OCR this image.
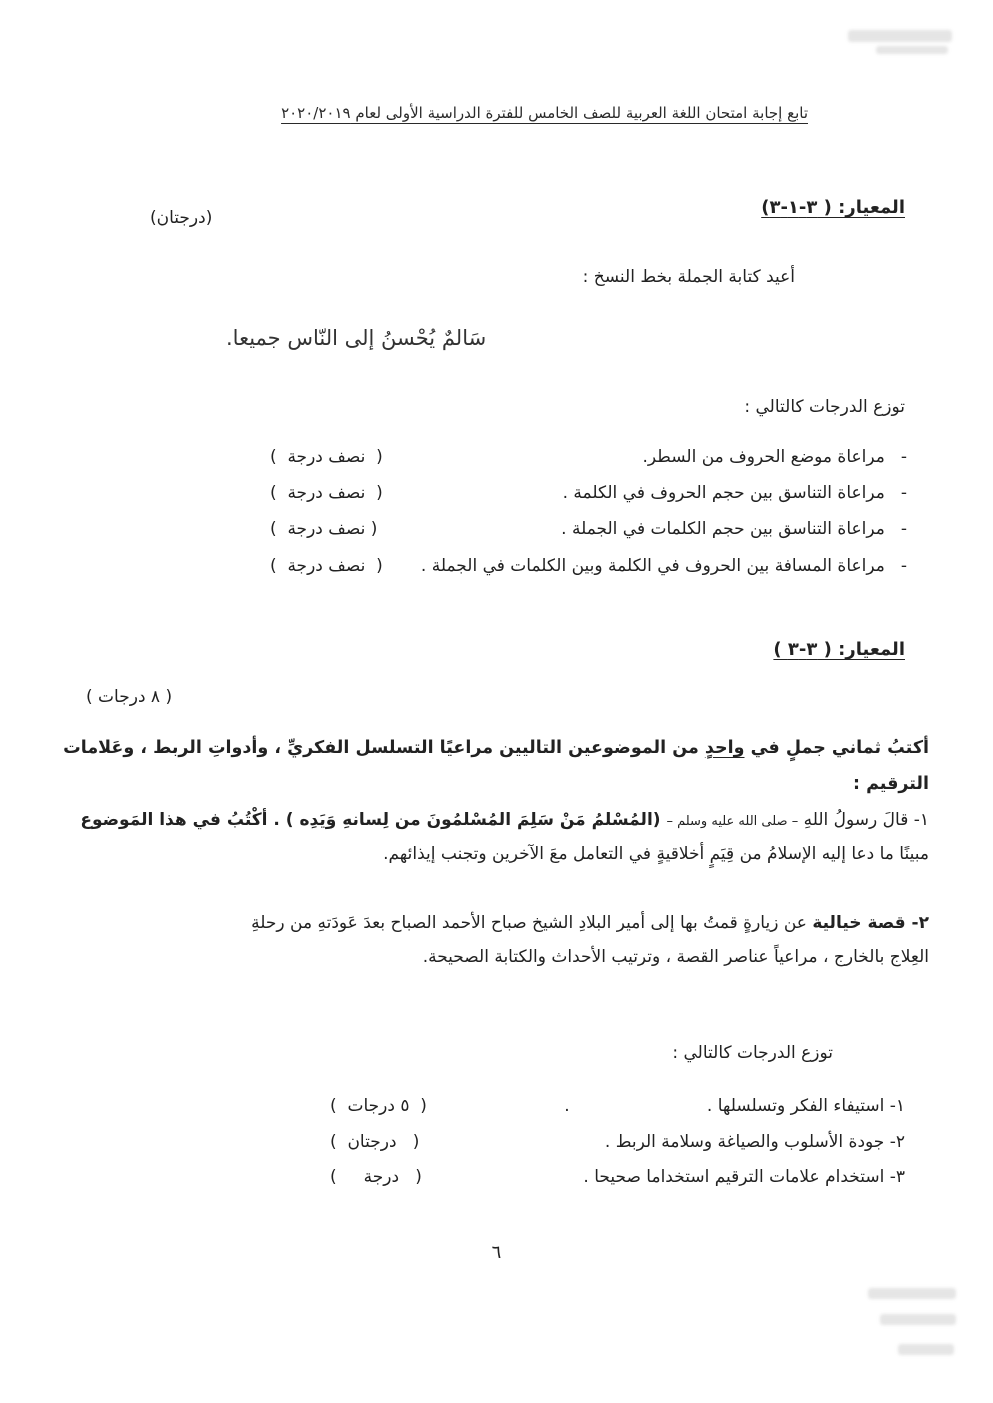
تابع إجابة امتحان اللغة العربية للصف الخامس للفترة الدراسية الأولى لعام ٢٠٢٠/٢٠١٩
المعيار: ( ٣-١-٣)
(درجتان)
أعيد كتابة الجملة بخط النسخ :
سَالمٌ يُحْسنُ إلى النّاس جميعا.
توزع الدرجات كالتالي :
-مراعاة موضع الحروف من السطر.
(  نصف درجة  )
-مراعاة التناسق بين حجم الحروف في الكلمة .
(  نصف درجة  )
-مراعاة التناسق بين حجم الكلمات في الجملة .
( نصف درجة  )
-مراعاة المسافة بين الحروف في الكلمة وبين الكلمات في الجملة .
(  نصف درجة  )
المعيار: ( ٣-٣ )
( ٨ درجات )
أكتبُ ثماني جملٍ في واحدٍ من الموضوعين التاليين مراعيًا التسلسل الفكريِّ ، وأدواتِ الربط ، وعَلامات
الترقيم :
١- قالَ رسولُ اللهِ – صلى الله عليه وسلم – (المُسْلمُ مَنْ سَلِمَ المُسْلمُونَ من لِسانهِ وَيَدِه ) . أكْتُبُ في هذا المَوضوع
مبينًا ما دعا إليه الإسلامُ من قِيَمٍ أخلاقيةٍ في التعامل معَ الآخرين وتجنب إيذائهم.
٢- قصة خيالية عن زيارةٍ قمتُ بها إلى أمير البلادِ الشيخ صباح الأحمد الصباح بعدَ عَودَتهِ من رحلةِ
العِلاج بالخارج ، مراعياً عناصر القصة ، وترتيب الأحداث والكتابة الصحيحة.
توزع الدرجات كالتالي :
١- استيفاء الفكر وتسلسلها .
.
(  ٥ درجات  )
٢- جودة الأسلوب والصياغة وسلامة الربط .
(   درجتان  )
٣- استخدام علامات الترقيم استخداما صحيحا .
(   درجة     )
٦
